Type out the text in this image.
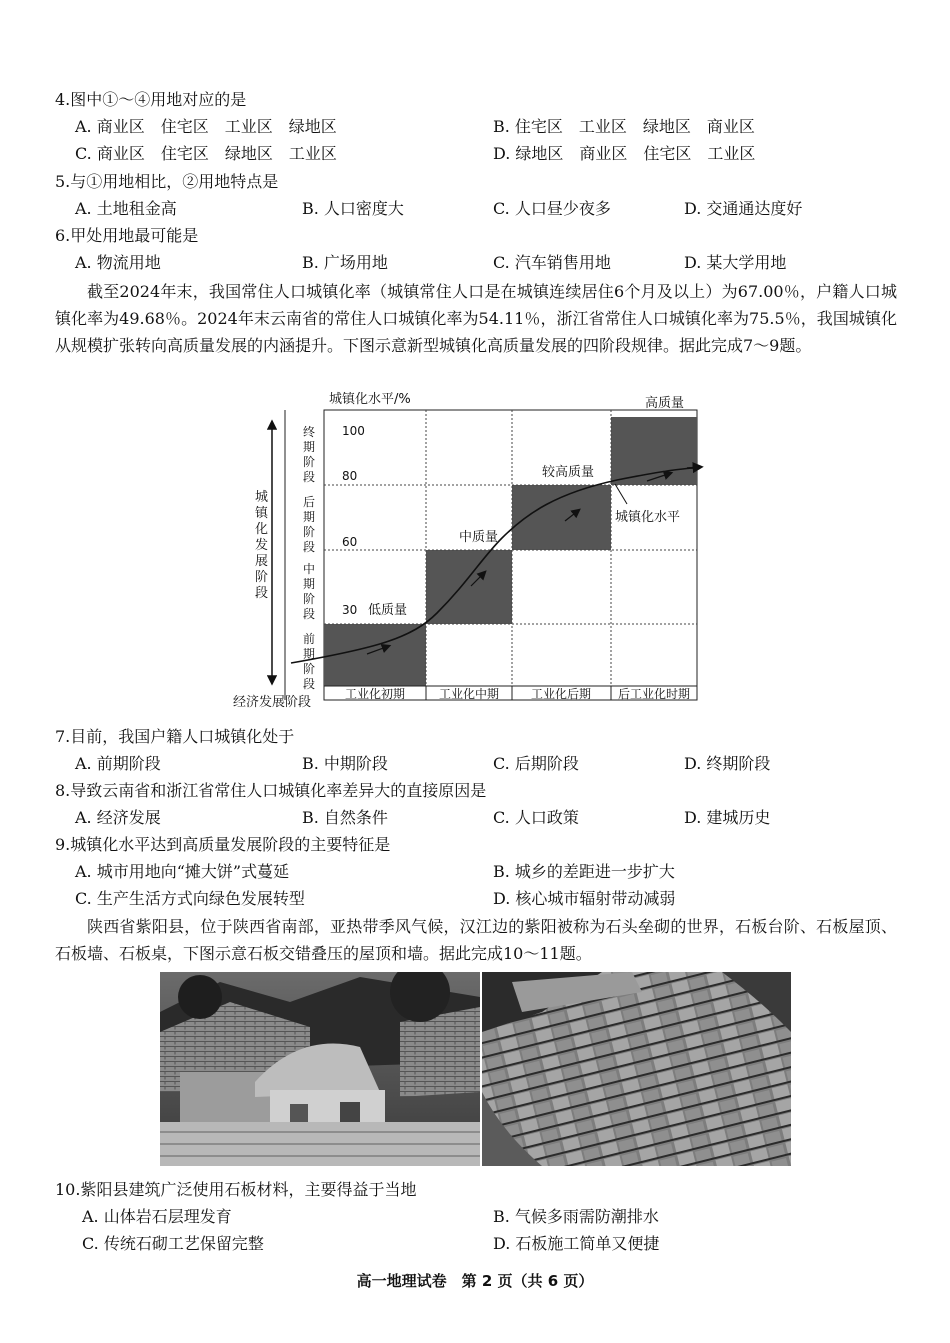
4.图中①～④用地对应的是
A. 商业区　住宅区　工业区　绿地区	B. 住宅区　工业区　绿地区　商业区
C. 商业区　住宅区　绿地区　工业区	D. 绿地区　商业区　住宅区　工业区
5.与①用地相比，②用地特点是
A. 土地租金高	B. 人口密度大	C. 人口昼少夜多	D. 交通通达度好
6.甲处用地最可能是
A. 物流用地	B. 广场用地	C. 汽车销售用地	D. 某大学用地

截至2024年末，我国常住人口城镇化率（城镇常住人口是在城镇连续居住6个月及以上）为67.00％，户籍人口城镇化率为49.68％。2024年末云南省的常住人口城镇化率为54.11％，浙江省常住人口城镇化率为75.5％，我国城镇化从规模扩张转向高质量发展的内涵提升。下图示意新型城镇化高质量发展的四阶段规律。据此完成7～9题。

终期阶段
后期阶段
中期阶段
前期阶段
100
80
60
30
城镇化水平/%
经济发展阶段
城镇化发展阶段
工业化初期	工业化中期	工业化后期 后工业化时期
低质量
中质量
较高质量
高质量
城镇化水平
7.目前，我国户籍人口城镇化处于
A. 前期阶段	B. 中期阶段	C. 后期阶段	D. 终期阶段
8.导致云南省和浙江省常住人口城镇化率差异大的直接原因是
A. 经济发展	B. 自然条件	C. 人口政策	D. 建城历史
9.城镇化水平达到高质量发展阶段的主要特征是
A. 城市用地向“摊大饼”式蔓延	B. 城乡的差距进一步扩大
C. 生产生活方式向绿色发展转型	D. 核心城市辐射带动减弱

陕西省紫阳县，位于陕西省南部，亚热带季风气候，汉江边的紫阳被称为石头垒砌的世界，石板台阶、石板屋顶、石板墙、石板桌，下图示意石板交错叠压的屋顶和墙。据此完成10～11题。

10.紫阳县建筑广泛使用石板材料，主要得益于当地
A. 山体岩石层理发育	B. 气候多雨需防潮排水
C. 传统石砌工艺保留完整	D. 石板施工简单又便捷
高一地理试卷　第 2 页（共 6 页）
